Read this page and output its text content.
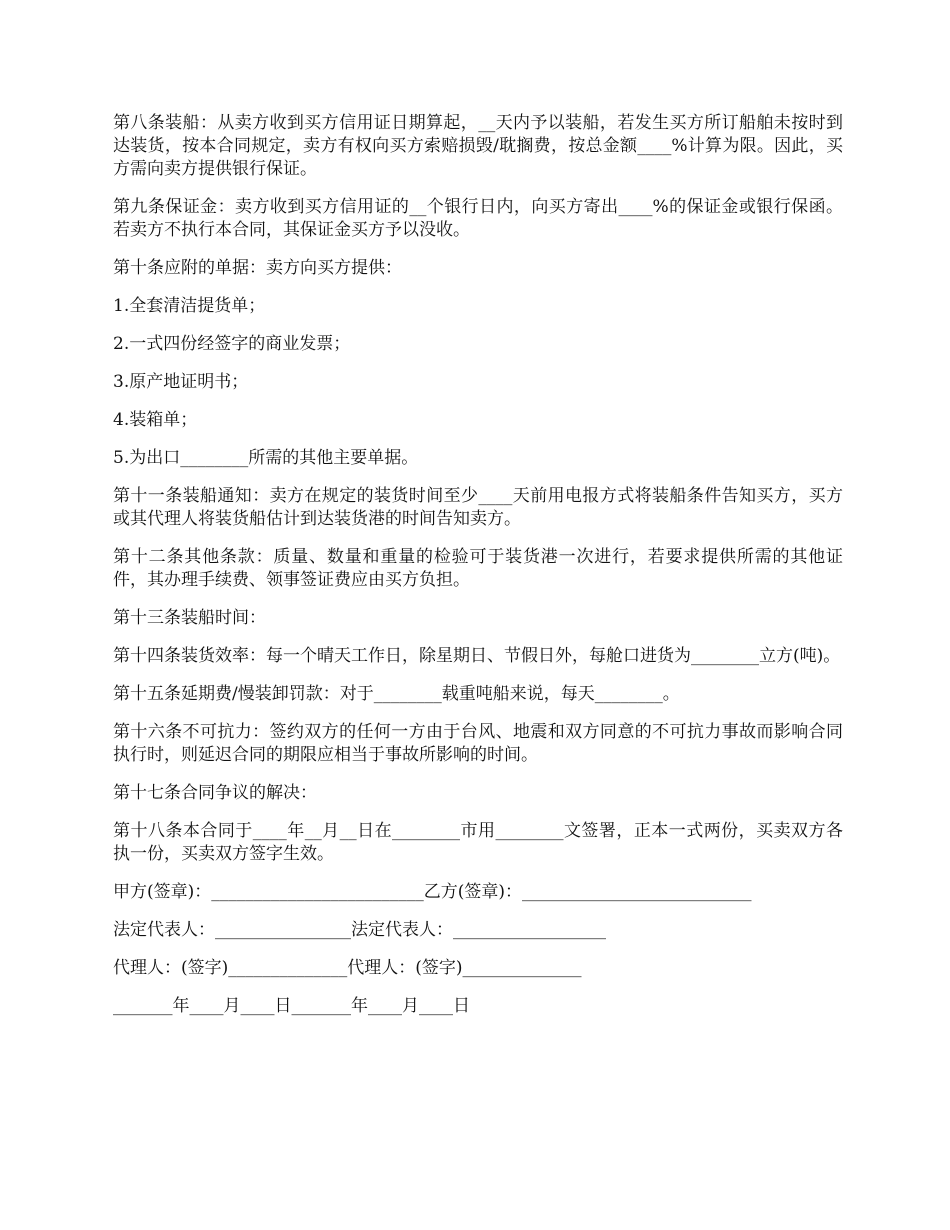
第八条装船：从卖方收到买方信用证日期算起，__天内予以装船，若发生买方所订船舶未按时到达装货，按本合同规定，卖方有权向买方索赔损毁/耽搁费，按总金额____%计算为限。因此，买方需向卖方提供银行保证。

第九条保证金：卖方收到买方信用证的__个银行日内，向买方寄出____%的保证金或银行保函。若卖方不执行本合同，其保证金买方予以没收。

第十条应附的单据：卖方向买方提供：

1.全套清洁提货单；

2.一式四份经签字的商业发票；

3.原产地证明书；

4.装箱单；

5.为出口________所需的其他主要单据。

第十一条装船通知：卖方在规定的装货时间至少____天前用电报方式将装船条件告知买方，买方或其代理人将装货船估计到达装货港的时间告知卖方。

第十二条其他条款：质量、数量和重量的检验可于装货港一次进行，若要求提供所需的其他证件，其办理手续费、领事签证费应由买方负担。

第十三条装船时间：

第十四条装货效率：每一个晴天工作日，除星期日、节假日外，每舱口进货为________立方(吨)。

第十五条延期费/慢装卸罚款：对于________载重吨船来说，每天________。

第十六条不可抗力：签约双方的任何一方由于台风、地震和双方同意的不可抗力事故而影响合同执行时，则延迟合同的期限应相当于事故所影响的时间。

第十七条合同争议的解决：

第十八条本合同于____年__月__日在________市用________文签署，正本一式两份，买卖双方各执一份，买卖双方签字生效。

甲方(签章)：_________________________乙方(签章)：___________________________

法定代表人：________________法定代表人：__________________

代理人：(签字)______________代理人：(签字)______________

_______年____月____日_______年____月____日
